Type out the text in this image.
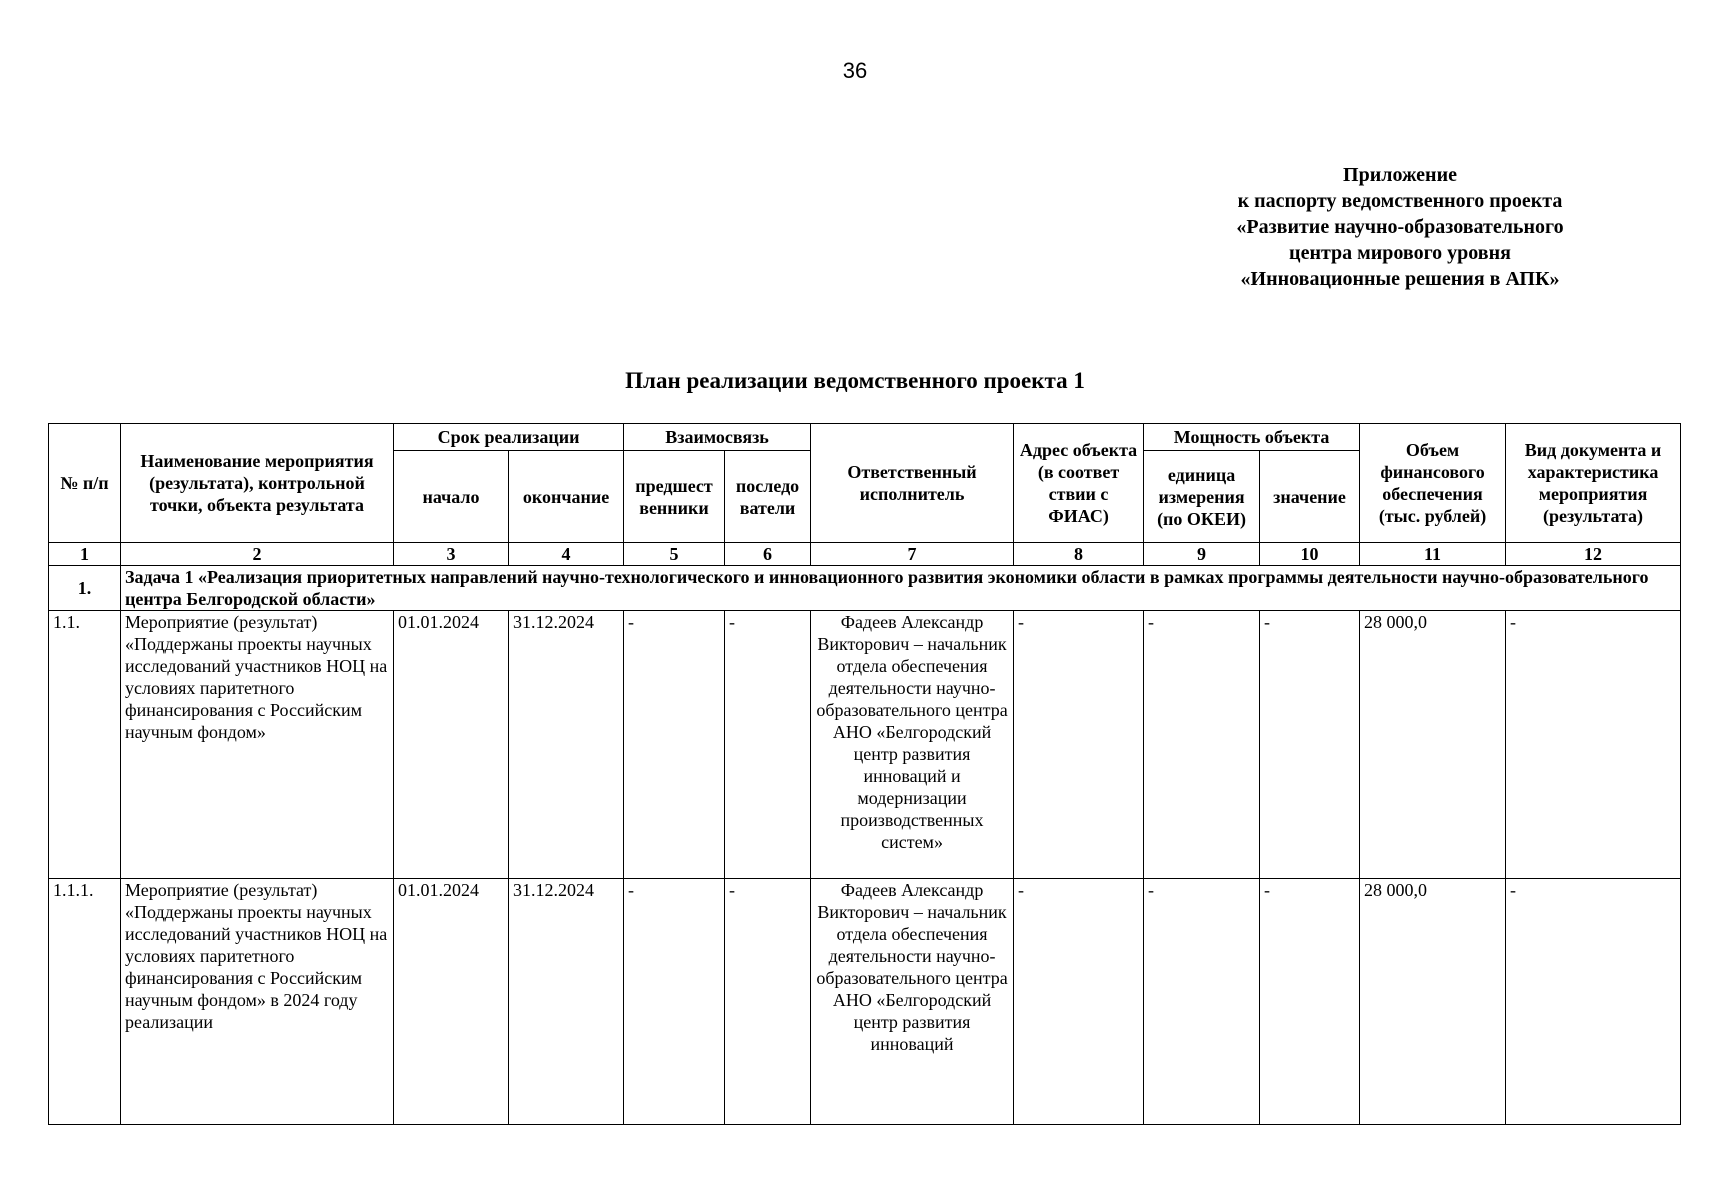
36
Приложение
к паспорту ведомственного проекта
«Развитие научно-образовательного
центра мирового уровня
«Инновационные решения в АПК»
План реализации ведомственного проекта 1
№ п/п	Наименование мероприятия (результата), контрольной точки, объекта результата	Срок реализации		Взаимосвязь		Ответственный исполнитель	Адрес объекта (в соответ ствии с ФИАС)	Мощность объекта		Объем финансового обеспечения (тыс. рублей)	Вид документа и характеристика мероприятия (результата)
		начало	окончание	предшест венники	последо ватели			единица измерения (по ОКЕИ)	значение		
1	2	3	4	5	6	7	8	9	10	11	12
1.	Задача 1 «Реализация приоритетных направлений научно-технологического и инновационного развития экономики области в рамках программы деятельности научно-образовательного центра Белгородской области»										
1.1.	Мероприятие (результат) «Поддержаны проекты научных исследований участников НОЦ на условиях паритетного финансирования с Российским научным фондом»	01.01.2024	31.12.2024	-	-	Фадеев Александр Викторович – начальник отдела обеспечения деятельности научно-образовательного центра АНО «Белгородский центр развития инноваций и модернизации производственных систем»	-	-	-	28 000,0	-
1.1.1.	Мероприятие (результат) «Поддержаны проекты научных исследований участников НОЦ на условиях паритетного финансирования с Российским научным фондом» в 2024 году реализации	01.01.2024	31.12.2024	-	-	Фадеев Александр Викторович – начальник отдела обеспечения деятельности научно-образовательного центра АНО «Белгородский центр развития инноваций	-	-	-	28 000,0	-
